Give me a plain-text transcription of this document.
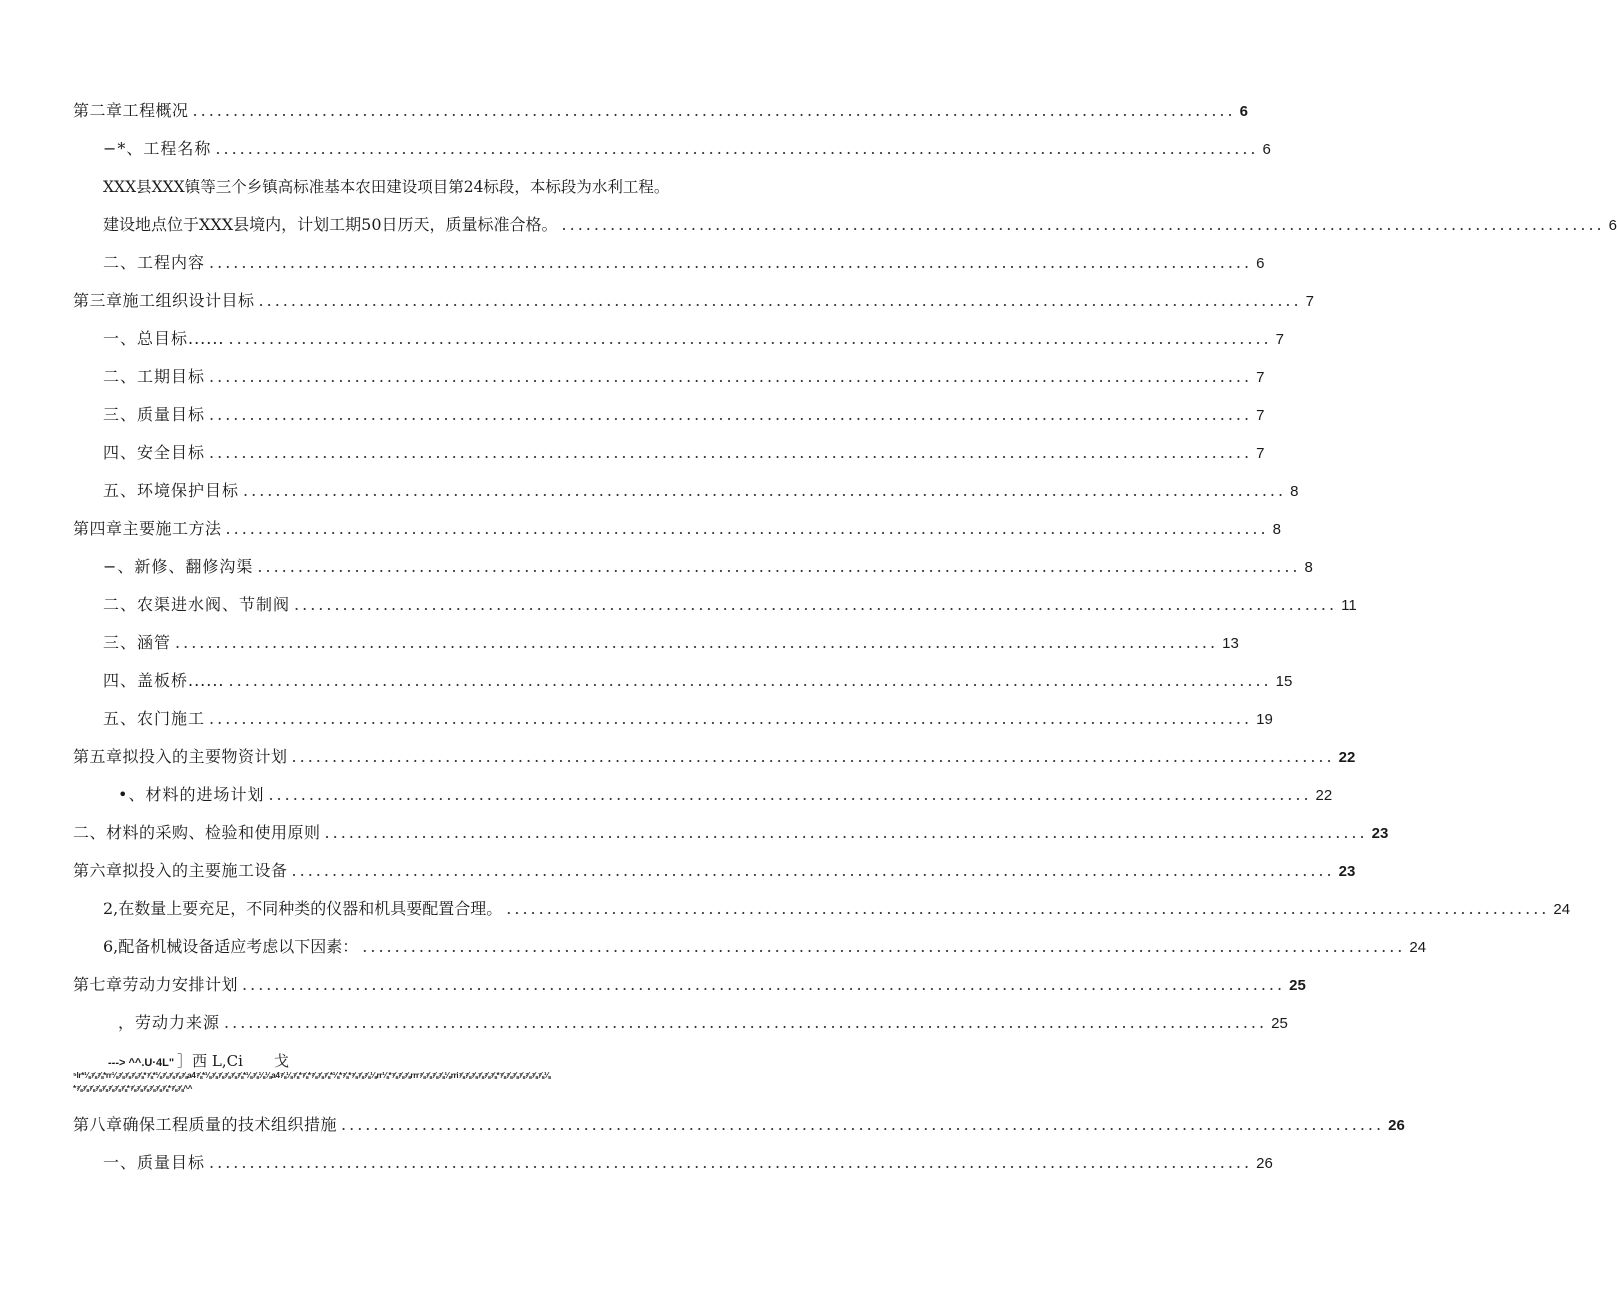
第二章工程概况 ................................................................................................................................. 6
−*、工程名称 ................................................................................................................................. 6
XXX县XXX镇等三个乡镇高标准基本农田建设项目第24标段，本标段为水利工程。
建设地点位于XXX县境内，计划工期50日历天，质量标准合格。 ................................................................................................................................. 6
二、工程内容 ................................................................................................................................. 6
第三章施工组织设计目标 ................................................................................................................................. 7
一、总目标...... ................................................................................................................................. 7
二、工期目标 ................................................................................................................................. 7
三、质量目标 ................................................................................................................................. 7
四、安全目标 ................................................................................................................................. 7
五、环境保护目标 ................................................................................................................................. 8
第四章主要施工方法 ................................................................................................................................. 8
−、新修、翻修沟渠 ................................................................................................................................. 8
二、农渠进水阀、节制阀 ................................................................................................................................. 11
三、涵管 ................................................................................................................................. 13
四、盖板桥...... ................................................................................................................................. 15
五、农门施工 ................................................................................................................................. 19
第五章拟投入的主要物资计划 ................................................................................................................................. 22
•、材料的进场计划 ................................................................................................................................. 22
二、材料的采购、检验和使用原则 ................................................................................................................................. 23
第六章拟投入的主要施工设备 ................................................................................................................................. 23
2,在数量上要充足，不同种类的仪器和机具要配置合理。 ................................................................................................................................. 24
6,配备机械设备适应考虑以下因素： ................................................................................................................................. 24
第七章劳动力安排计划 ................................................................................................................................. 25
，劳动力来源 ................................................................................................................................. 25
---> ^^.U·4L" ］西 L,Ci 戈
⁵lr*⅛⅞⅞*rr⅛⅞⅞⅞⅞*⅞*⅛⅞⅞⅞⅞a4⅞*⅛⅞⅞⅞⅞⅞*⅛⅞⅛⅛a4⅞⅛⅞*⅞*⅞⅞⅞*⅛*⅞*⅞⅞⅞⅛rr⅛*⅞⅞⅞rrr⅞⅞⅞⅞⅛rri⅞⅞⅞⅞⅞⅞*⅞⅞⅞⅞⅞⅞⅞⅛
*⅞⅞⅞⅞⅞⅞⅞⅞*⅞⅞⅞⅞⅞⅞*⅞⅞^^
第八章确保工程质量的技术组织措施 ................................................................................................................................. 26
一、质量目标 ................................................................................................................................. 26
